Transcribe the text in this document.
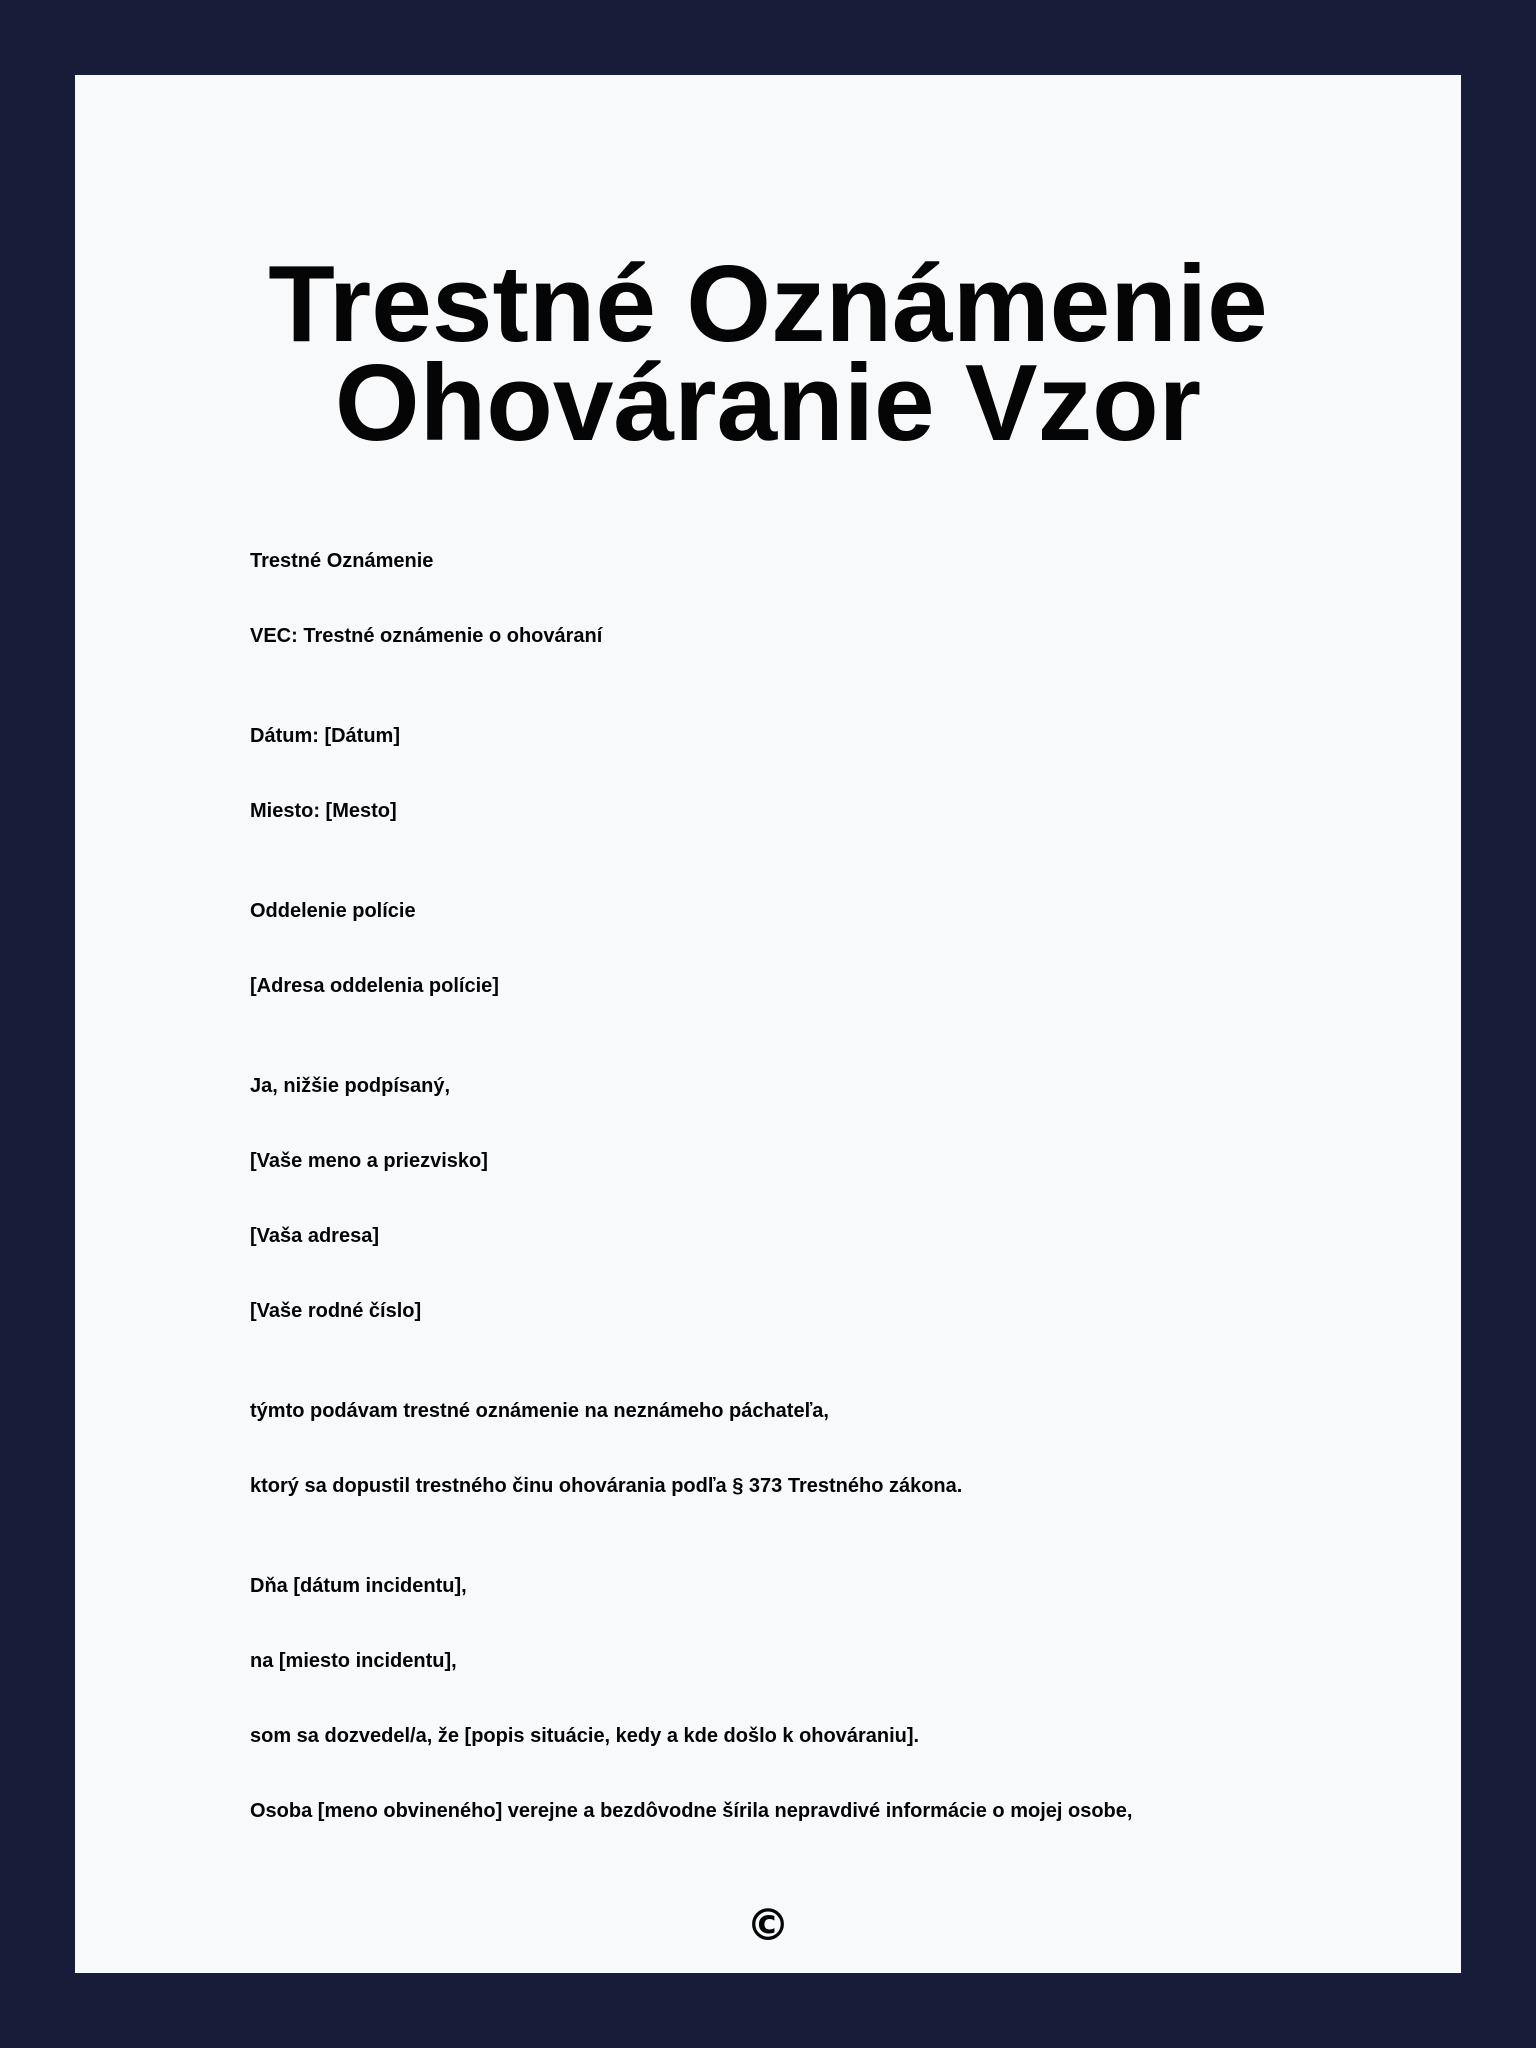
Trestné Oznámenie
Ohováranie Vzor

Trestné Oznámenie

VEC: Trestné oznámenie o ohováraní

Dátum: [Dátum]

Miesto: [Mesto]

Oddelenie polície

[Adresa oddelenia polície]

Ja, nižšie podpísaný,

[Vaše meno a priezvisko]

[Vaša adresa]

[Vaše rodné číslo]

týmto podávam trestné oznámenie na neznámeho páchateľa,

ktorý sa dopustil trestného činu ohovárania podľa § 373 Trestného zákona.

Dňa [dátum incidentu],

na [miesto incidentu],

som sa dozvedel/a, že [popis situácie, kedy a kde došlo k ohováraniu].

Osoba [meno obvineného] verejne a bezdôvodne šírila nepravdivé informácie o mojej osobe,

©
